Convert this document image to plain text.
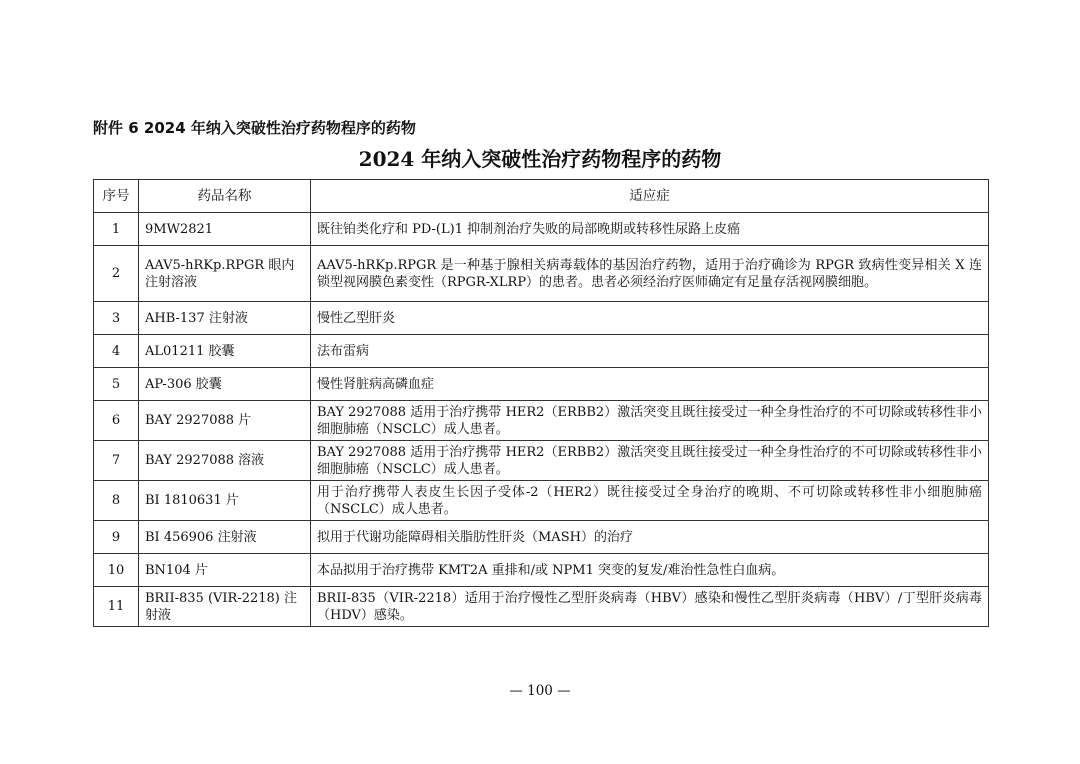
附件 6 2024 年纳入突破性治疗药物程序的药物
2024 年纳入突破性治疗药物程序的药物
序号	药品名称	适应症
1	9MW2821	既往铂类化疗和 PD-(L)1 抑制剂治疗失败的局部晚期或转移性尿路上皮癌
2	AAV5-hRKp.RPGR 眼内注射溶液	AAV5-hRKp.RPGR 是一种基于腺相关病毒载体的基因治疗药物，适用于治疗确诊为 RPGR 致病性变异相关 X 连锁型视网膜色素变性（RPGR-XLRP）的患者。患者必须经治疗医师确定有足量存活视网膜细胞。
3	AHB-137 注射液	慢性乙型肝炎
4	AL01211 胶囊	法布雷病
5	AP-306 胶囊	慢性肾脏病高磷血症
6	BAY 2927088 片	BAY 2927088 适用于治疗携带 HER2（ERBB2）激活突变且既往接受过一种全身性治疗的不可切除或转移性非小细胞肺癌（NSCLC）成人患者。
7	BAY 2927088 溶液	BAY 2927088 适用于治疗携带 HER2（ERBB2）激活突变且既往接受过一种全身性治疗的不可切除或转移性非小细胞肺癌（NSCLC）成人患者。
8	BI 1810631 片	用于治疗携带人表皮生长因子受体-2（HER2）既往接受过全身治疗的晚期、不可切除或转移性非小细胞肺癌（NSCLC）成人患者。
9	BI 456906 注射液	拟用于代谢功能障碍相关脂肪性肝炎（MASH）的治疗
10	BN104 片	本品拟用于治疗携带 KMT2A 重排和/或 NPM1 突变的复发/难治性急性白血病。
11	BRII-835 (VIR-2218) 注射液	BRII-835（VIR-2218）适用于治疗慢性乙型肝炎病毒（HBV）感染和慢性乙型肝炎病毒（HBV）/丁型肝炎病毒（HDV）感染。
— 100 —
